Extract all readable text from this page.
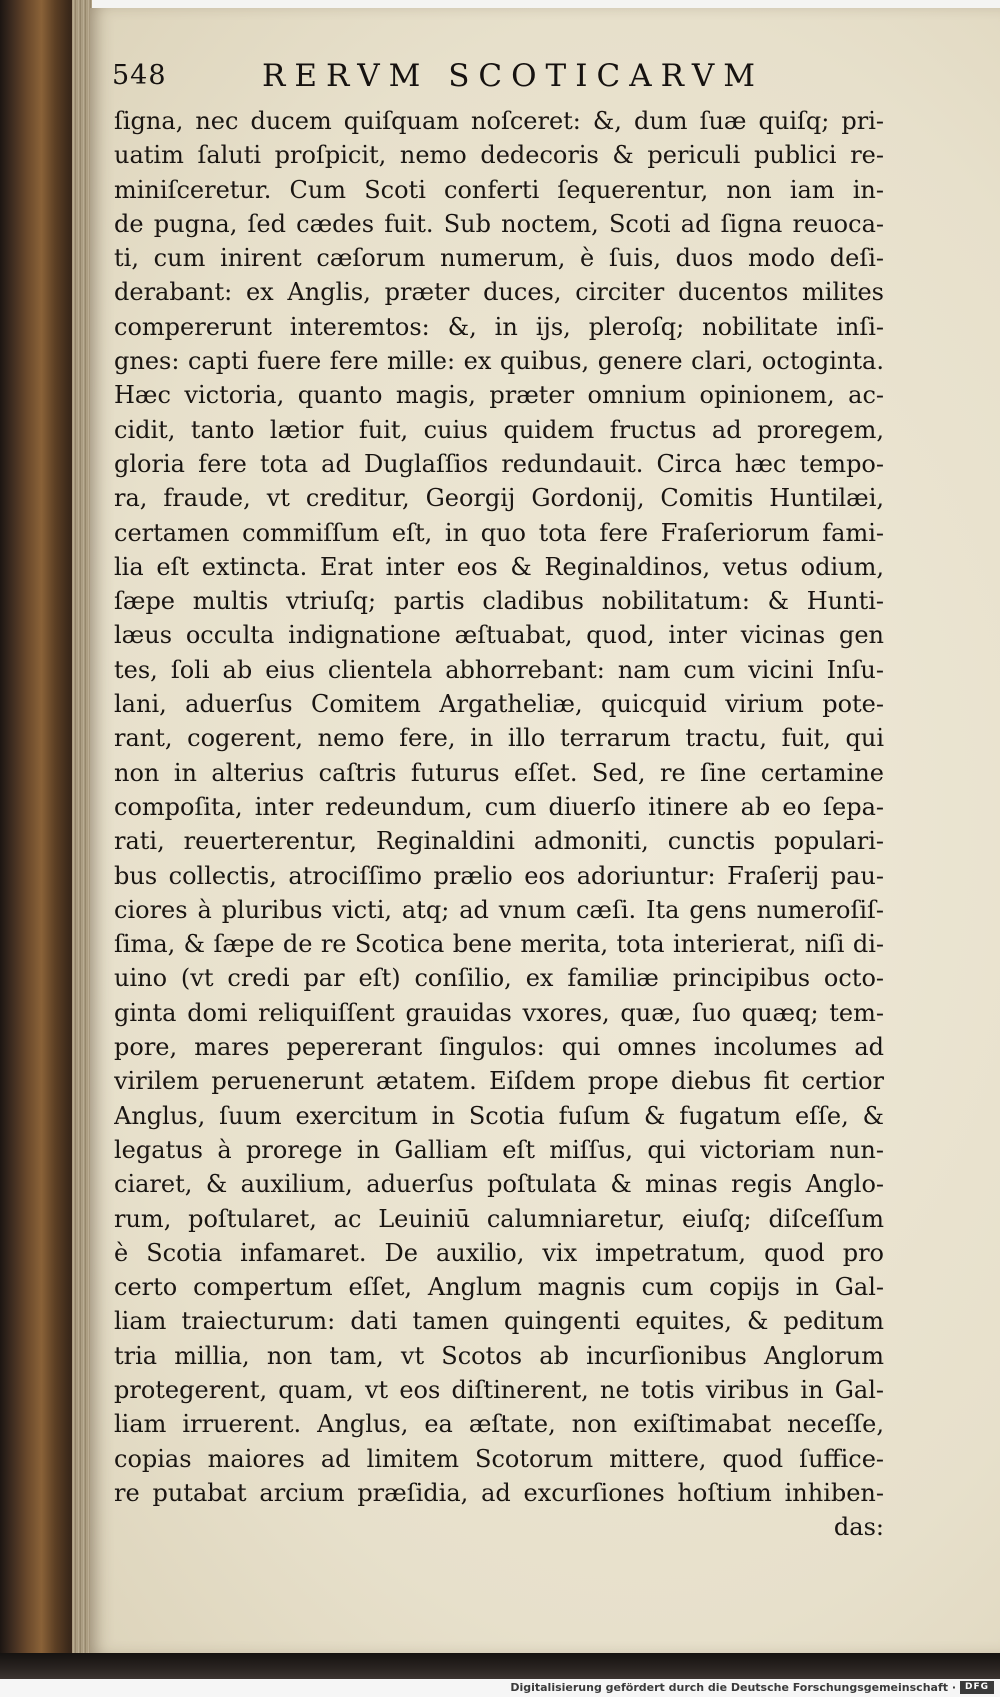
548	RERVM SCOTICARVM
ſigna, nec ducem quiſquam noſceret: &, dum ſuæ quiſq; pri-
uatim ſaluti proſpicit, nemo dedecoris & periculi publici re-
miniſceretur. Cum Scoti conferti ſequerentur, non iam in-
de pugna, ſed cædes fuit. Sub noctem, Scoti ad ſigna reuoca-
ti, cum inirent cæſorum numerum, è ſuis, duos modo deſi-
derabant: ex Anglis, præter duces, circiter ducentos milites
compererunt interemtos: &, in ijs, pleroſq; nobilitate inſi-
gnes: capti fuere fere mille: ex quibus, genere clari, octoginta.
Hæc victoria, quanto magis, præter omnium opinionem, ac-
cidit, tanto lætior fuit, cuius quidem fructus ad proregem,
gloria fere tota ad Duglaſſios redundauit. Circa hæc tempo-
ra, fraude, vt creditur, Georgij Gordonij, Comitis Huntilæi,
certamen commiſſum eſt, in quo tota fere Fraſeriorum fami-
lia eſt extincta. Erat inter eos & Reginaldinos, vetus odium,
ſæpe multis vtriuſq; partis cladibus nobilitatum: & Hunti-
læus occulta indignatione æſtuabat, quod, inter vicinas gen
tes, ſoli ab eius clientela abhorrebant: nam cum vicini Inſu-
lani, aduerſus Comitem Argatheliæ, quicquid virium pote-
rant, cogerent, nemo fere, in illo terrarum tractu, fuit, qui
non in alterius caſtris futurus eſſet. Sed, re ſine certamine
compoſita, inter redeundum, cum diuerſo itinere ab eo ſepa-
rati, reuerterentur, Reginaldini admoniti, cunctis populari-
bus collectis, atrociſſimo prælio eos adoriuntur: Fraſerij pau-
ciores à pluribus victi, atq; ad vnum cæſi. Ita gens numeroſiſ-
ſima, & ſæpe de re Scotica bene merita, tota interierat, niſi di-
uino (vt credi par eſt) conſilio, ex familiæ principibus octo-
ginta domi reliquiſſent grauidas vxores, quæ, ſuo quæq; tem-
pore, mares pepererant ſingulos: qui omnes incolumes ad
virilem peruenerunt ætatem. Eiſdem prope diebus fit certior
Anglus, ſuum exercitum in Scotia fuſum & fugatum eſſe, &
legatus à prorege in Galliam eſt miſſus, qui victoriam nun-
ciaret, & auxilium, aduerſus poſtulata & minas regis Anglo-
rum, poſtularet, ac Leuiniū calumniaretur, eiuſq; diſceſſum
è Scotia infamaret. De auxilio, vix impetratum, quod pro
certo compertum eſſet, Anglum magnis cum copijs in Gal-
liam traiecturum: dati tamen quingenti equites, & peditum
tria millia, non tam, vt Scotos ab incurſionibus Anglorum
protegerent, quam, vt eos diſtinerent, ne totis viribus in Gal-
liam irruerent. Anglus, ea æſtate, non exiſtimabat neceſſe,
copias maiores ad limitem Scotorum mittere, quod ſuffice-
re putabat arcium præſidia, ad excurſiones hoſtium inhiben-
das:
Digitalisierung gefördert durch die Deutsche Forschungsgemeinschaft · DFG
